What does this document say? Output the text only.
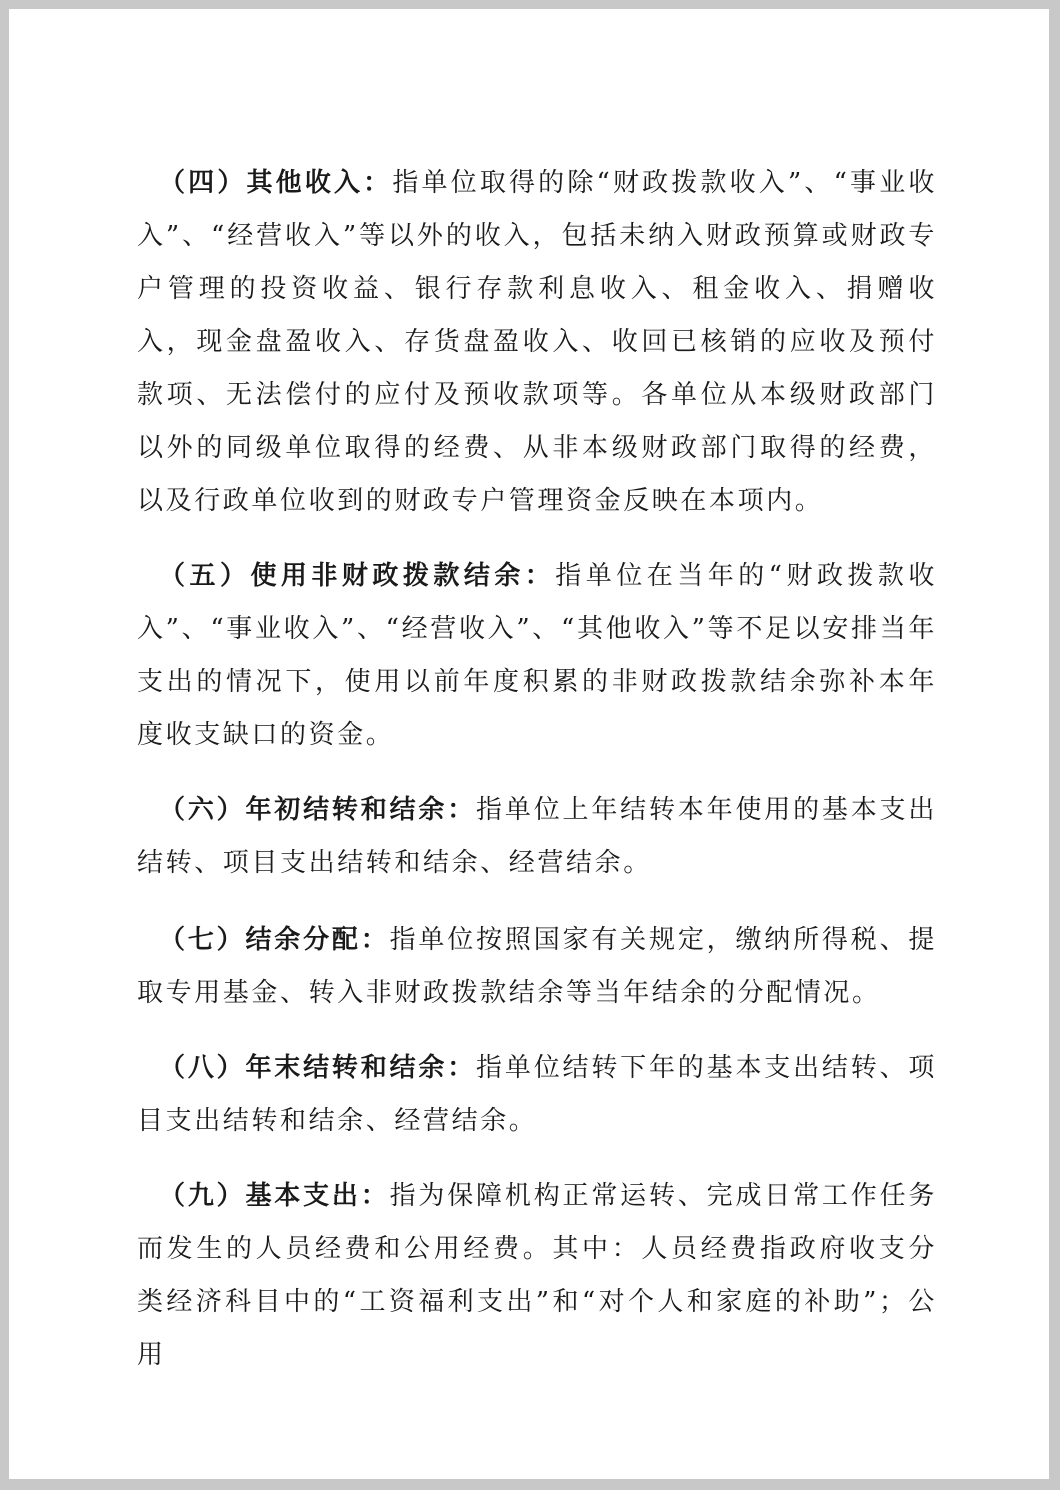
（四）其他收入：指单位取得的除“财政拨款收入”、“事业收入”、“经营收入”等以外的收入，包括未纳入财政预算或财政专户管理的投资收益、银行存款利息收入、租金收入、捐赠收入，现金盘盈收入、存货盘盈收入、收回已核销的应收及预付款项、无法偿付的应付及预收款项等。各单位从本级财政部门以外的同级单位取得的经费、从非本级财政部门取得的经费，以及行政单位收到的财政专户管理资金反映在本项内。

（五）使用非财政拨款结余：指单位在当年的“财政拨款收入”、“事业收入”、“经营收入”、“其他收入”等不足以安排当年支出的情况下，使用以前年度积累的非财政拨款结余弥补本年度收支缺口的资金。

（六）年初结转和结余：指单位上年结转本年使用的基本支出结转、项目支出结转和结余、经营结余。

（七）结余分配：指单位按照国家有关规定，缴纳所得税、提取专用基金、转入非财政拨款结余等当年结余的分配情况。

（八）年末结转和结余：指单位结转下年的基本支出结转、项目支出结转和结余、经营结余。

（九）基本支出：指为保障机构正常运转、完成日常工作任务而发生的人员经费和公用经费。其中：人员经费指政府收支分类经济科目中的“工资福利支出”和“对个人和家庭的补助”；公用
